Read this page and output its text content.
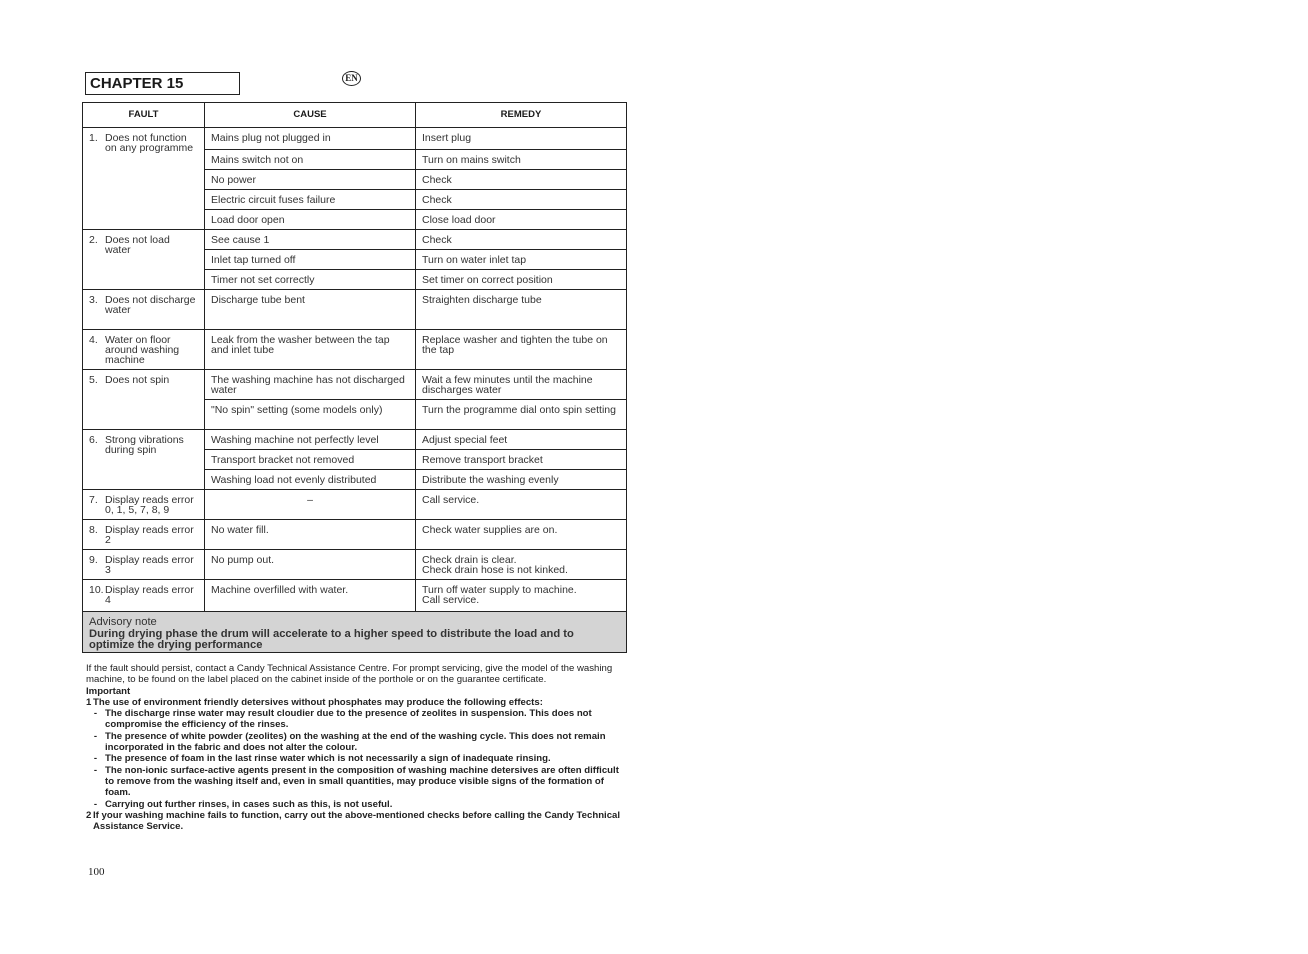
CHAPTER 15	EN
FAULT	CAUSE	REMEDY

1. Does not function on any programme	Mains plug not plugged in	Insert plug
	Mains switch not on	Turn on mains switch
	No power	Check
	Electric circuit fuses failure	Check
	Load door open	Close load door

2. Does not load water	See cause 1	Check
	Inlet tap turned off	Turn on water inlet tap
	Timer not set correctly	Set timer on correct position

3. Does not discharge water	Discharge tube bent	Straighten discharge tube

4. Water on floor around washing machine	Leak from the washer between the tap and inlet tube	Replace washer and tighten the tube on the tap

5. Does not spin	The washing machine has not discharged water	Wait a few minutes until the machine discharges water
	"No spin" setting (some models only)	Turn the programme dial onto spin setting

6. Strong vibrations during spin	Washing machine not perfectly level	Adjust special feet
	Transport bracket not removed	Remove transport bracket
	Washing load not evenly distributed	Distribute the washing evenly

7. Display reads error 0, 1, 5, 7, 8, 9	–	Call service.

8. Display reads error 2	No water fill.	Check water supplies are on.

9. Display reads error 3	No pump out.	Check drain is clear.
Check drain hose is not kinked.

10. Display reads error 4	Machine overfilled with water.	Turn off water supply to machine.
Call service.

Advisory note
During drying phase the drum will accelerate to a higher speed to distribute the load and to optimize the drying performance		
If the fault should persist, contact a Candy Technical Assistance Centre. For prompt servicing, give the model of the washing machine, to be found on the label placed on the cabinet inside of the porthole or on the guarantee certificate.
Important
1 The use of environment friendly detersives without phosphates may produce the following effects:
- The discharge rinse water may result cloudier due to the presence of zeolites in suspension. This does not compromise the efficiency of the rinses.
- The presence of white powder (zeolites) on the washing at the end of the washing cycle. This does not remain incorporated in the fabric and does not alter the colour.
- The presence of foam in the last rinse water which is not necessarily a sign of inadequate rinsing.
- The non-ionic surface-active agents present in the composition of washing machine detersives are often difficult to remove from the washing itself and, even in small quantities, may produce visible signs of the formation of foam.
- Carrying out further rinses, in cases such as this, is not useful.
2 If your washing machine fails to function, carry out the above-mentioned checks before calling the Candy Technical Assistance Service.
100
